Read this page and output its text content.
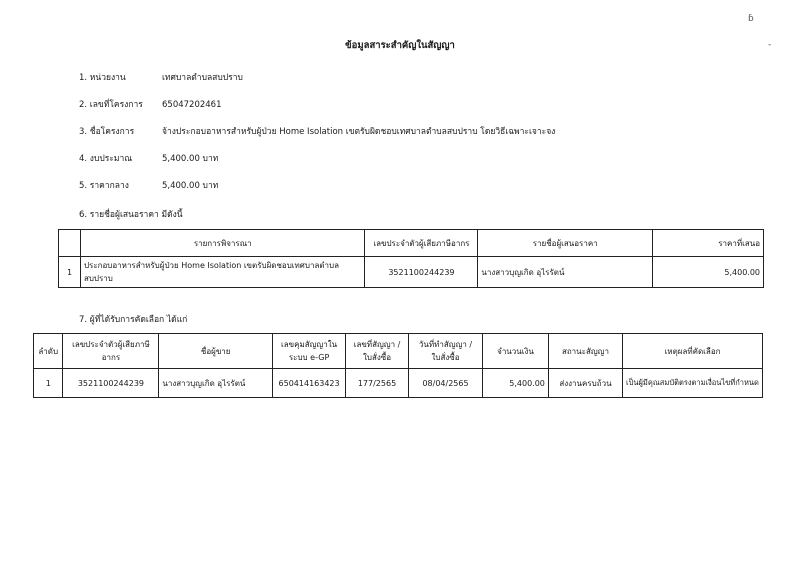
ข้อมูลสาระสำคัญในสัญญา
1. หน่วยงาน	เทศบาลตำบลสบปราบ
2. เลขที่โครงการ 65047202461
3. ชื่อโครงการ	จ้างประกอบอาหารสำหรับผู้ป่วย Home Isolation เขตรับผิดชอบเทศบาลตำบลสบปราบ โดยวิธีเฉพาะเจาะจง
4. งบประมาณ	5,400.00 บาท
5. ราคากลาง	5,400.00 บาท
6. รายชื่อผู้เสนอราคา มีดังนี้
	รายการพิจารณา	เลขประจำตัวผู้เสียภาษีอากร	รายชื่อผู้เสนอราคา	ราคาที่เสนอ
1	ประกอบอาหารสำหรับผู้ป่วย Home Isolation เขตรับผิดชอบเทศบาลตำบลสบปราบ	3521100244239	นางสาวบุญเกิด อุไรรัตน์	5,400.00
7. ผู้ที่ได้รับการคัดเลือก ได้แก่
ลำดับ	เลขประจำตัวผู้เสียภาษีอากร	ชื่อผู้ขาย	เลขคุมสัญญาในระบบ e-GP	เลขที่สัญญา / ใบสั่งซื้อ	วันที่ทำสัญญา / ใบสั่งซื้อ	จำนวนเงิน	สถานะสัญญา	เหตุผลที่คัดเลือก
1	3521100244239	นางสาวบุญเกิด อุไรรัตน์	650414163423	177/2565	08/04/2565	5,400.00	ส่งงานครบถ้วน	เป็นผู้มีคุณสมบัติตรงตามเงื่อนไขที่กำหนด
ɓ
-
